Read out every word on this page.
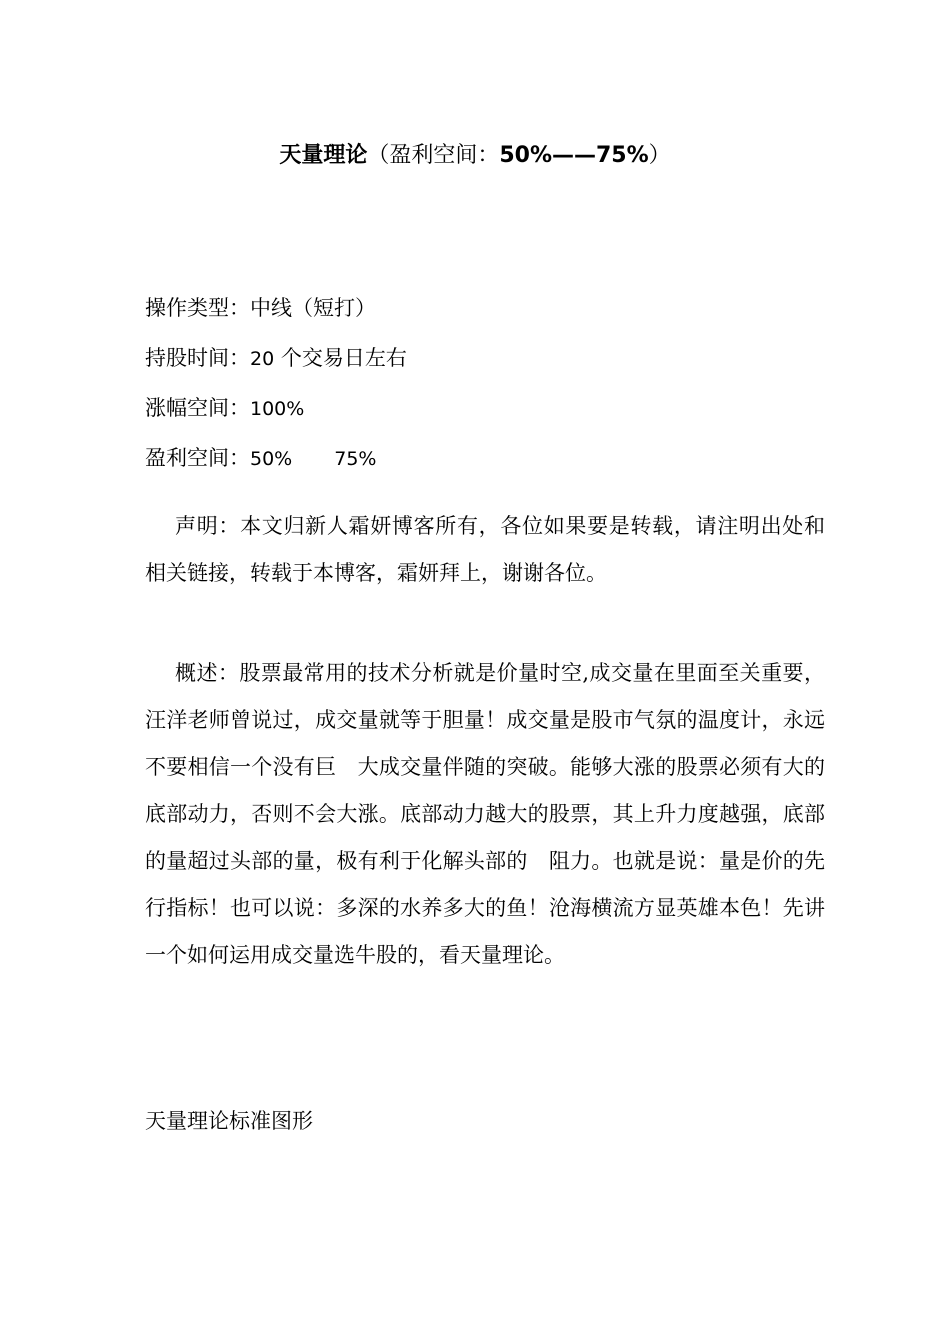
天量理论（盈利空间：50%——75%）
操作类型：中线（短打）
持股时间：20 个交易日左右
涨幅空间：100%
盈利空间：50% 75%

声明：本文归新人霜妍博客所有，各位如果要是转载，请注明出处和相关链接，转载于本博客，霜妍拜上，谢谢各位。

概述：股票最常用的技术分析就是价量时空,成交量在里面至关重要，汪洋老师曾说过，成交量就等于胆量！成交量是股市气氛的温度计，永远不要相信一个没有巨　大成交量伴随的突破。能够大涨的股票必须有大的底部动力，否则不会大涨。底部动力越大的股票，其上升力度越强，底部的量超过头部的量，极有利于化解头部的　阻力。也就是说：量是价的先行指标！也可以说：多深的水养多大的鱼！沧海横流方显英雄本色！先讲一个如何运用成交量选牛股的，看天量理论。

天量理论标准图形
